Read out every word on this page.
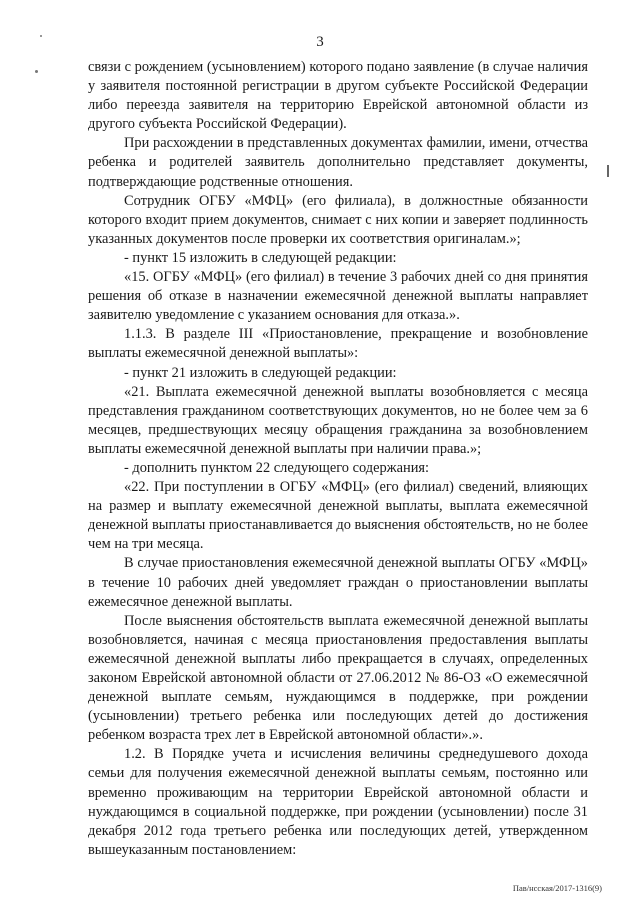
3

связи с рождением (усыновлением) которого подано заявление (в случае наличия у заявителя постоянной регистрации в другом субъекте Российской Федерации либо переезда заявителя на территорию Еврейской автономной области из другого субъекта Российской Федерации).

При расхождении в представленных документах фамилии, имени, отчества ребенка и родителей заявитель дополнительно представляет документы, подтверждающие родственные отношения.

Сотрудник ОГБУ «МФЦ» (его филиала), в должностные обязанности которого входит прием документов, снимает с них копии и заверяет подлинность указанных документов после проверки их соответствия оригиналам.»;

- пункт 15 изложить в следующей редакции:

«15. ОГБУ «МФЦ» (его филиал) в течение 3 рабочих дней со дня принятия решения об отказе в назначении ежемесячной денежной выплаты направляет заявителю уведомление с указанием основания для отказа.».

1.1.3. В разделе III «Приостановление, прекращение и возобновление выплаты ежемесячной денежной выплаты»:

- пункт 21 изложить в следующей редакции:

«21. Выплата ежемесячной денежной выплаты возобновляется с месяца представления гражданином соответствующих документов, но не более чем за 6 месяцев, предшествующих месяцу обращения гражданина за возобновлением выплаты ежемесячной денежной выплаты при наличии права.»;

- дополнить пунктом 22 следующего содержания:

«22. При поступлении в ОГБУ «МФЦ» (его филиал) сведений, влияющих на размер и выплату ежемесячной денежной выплаты, выплата ежемесячной денежной выплаты приостанавливается до выяснения обстоятельств, но не более чем на три месяца.

В случае приостановления ежемесячной денежной выплаты ОГБУ «МФЦ» в течение 10 рабочих дней уведомляет граждан о приостановлении выплаты ежемесячное денежной выплаты.

После выяснения обстоятельств выплата ежемесячной денежной выплаты возобновляется, начиная с месяца приостановления предоставления выплаты ежемесячной денежной выплаты либо прекращается в случаях, определенных законом Еврейской автономной области от 27.06.2012 № 86-ОЗ «О ежемесячной денежной выплате семьям, нуждающимся в поддержке, при рождении (усыновлении) третьего ребенка или последующих детей до достижения ребенком возраста трех лет в Еврейской автономной области».».

1.2. В Порядке учета и исчисления величины среднедушевого дохода семьи для получения ежемесячной денежной выплаты семьям, постоянно или временно проживающим на территории Еврейской автономной области и нуждающимся в социальной поддержке, при рождении (усыновлении) после 31 декабря 2012 года третьего ребенка или последующих детей, утвержденном вышеуказанным постановлением:

Пав/нсская/2017-1316(9)
